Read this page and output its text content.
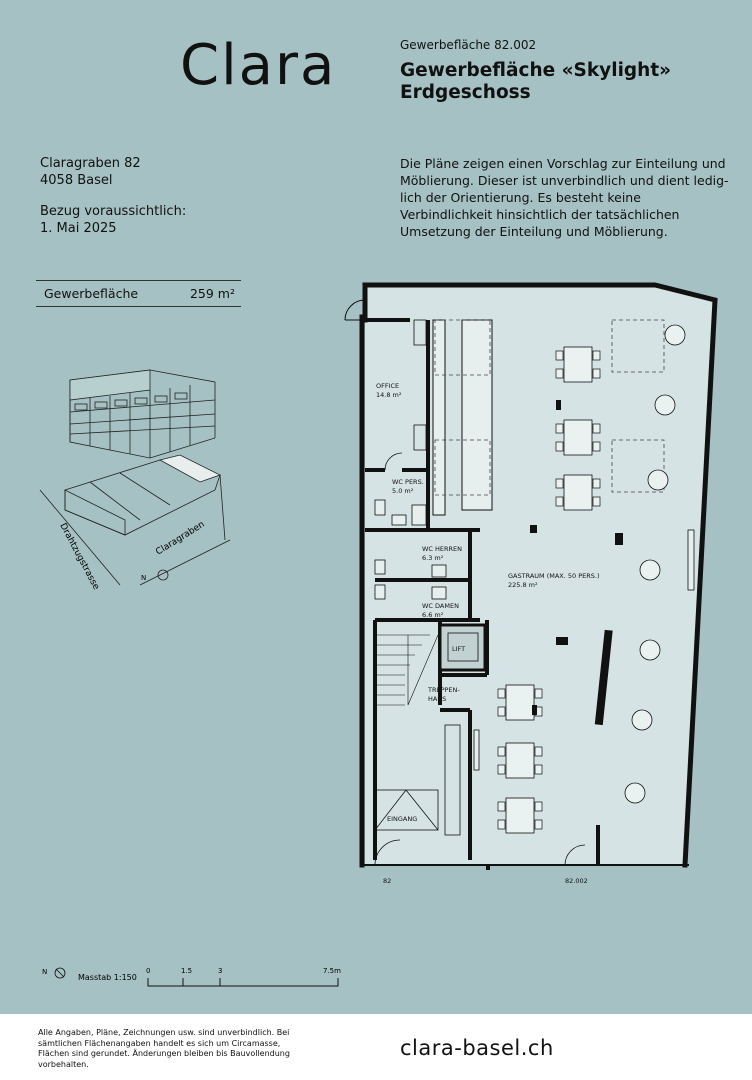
Clara	Gewerbefläche 82.002
Gewerbefläche «Skylight»
Erdgeschoss
Claragraben 82
4058 Basel
Bezug voraussichtlich:
1. Mai 2025
Die Pläne zeigen einen Vorschlag zur Einteilung und Möblierung. Dieser ist unverbindlich und dient lediglich der Orientierung. Es besteht keine Verbindlichkeit hinsichtlich der tatsächlichen Umsetzung der Einteilung und Möblierung.
Gewerbefläche	259 m²
Drahtzugstrasse	Claragraben
N
OFFICE
14.8 m²
WC PERS.
5.0 m²
WC HERREN
6.3 m²
WC DAMEN
6.6 m²
GASTRAUM (MAX. 50 PERS.)
225.8 m²
LIFT
TREPPEN-
HAUS
EINGANG
82	82.002
N
Masstab 1:150
0	1.5	3	7.5m
Alle Angaben, Pläne, Zeichnungen usw. sind unverbindlich. Bei sämtlichen Flächenangaben handelt es sich um Circamasse, Flächen sind gerundet. Änderungen bleiben bis Bauvollendung vorbehalten.
clara-basel.ch
